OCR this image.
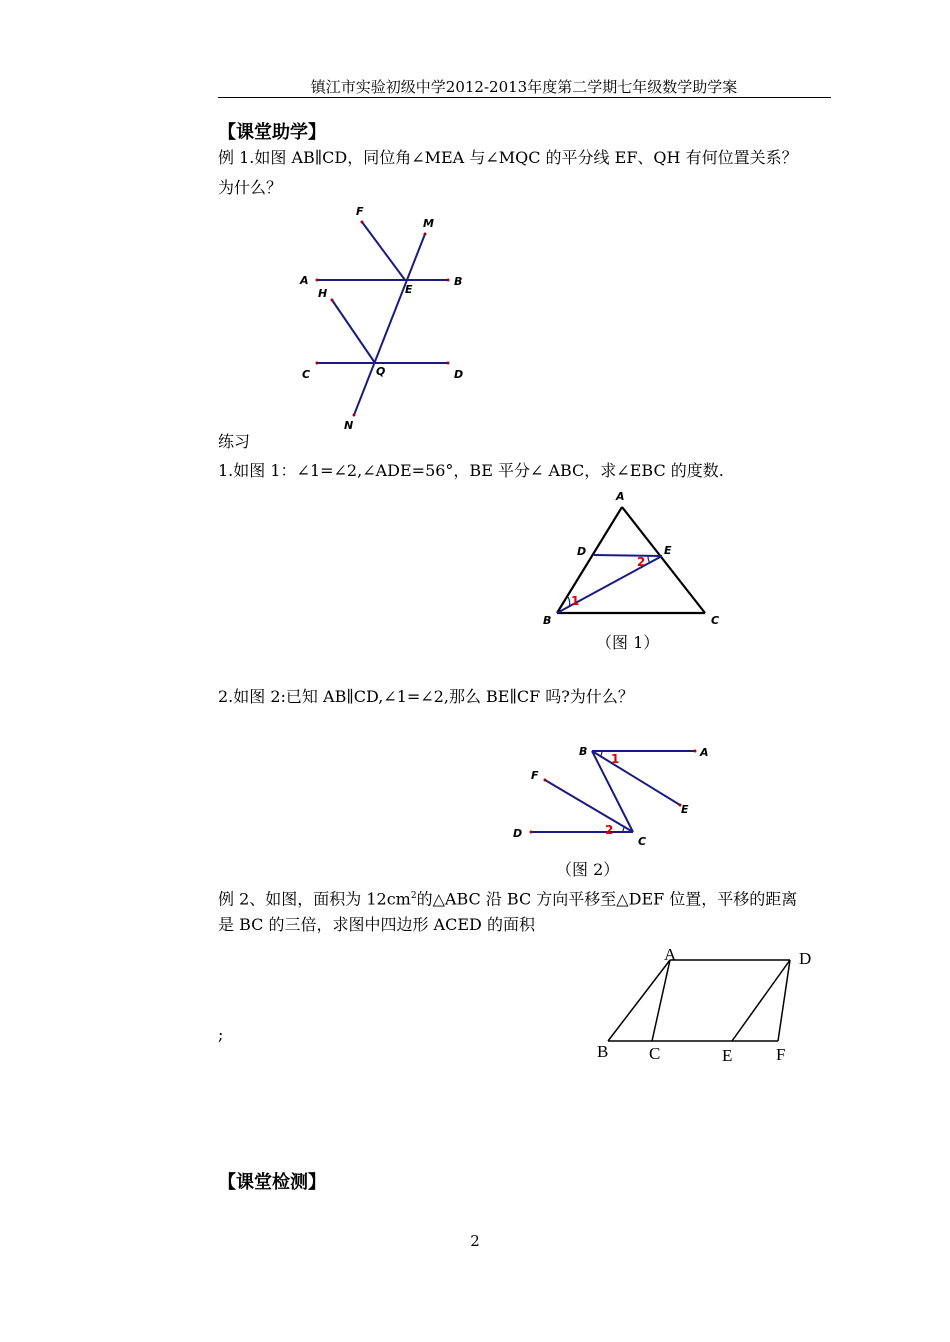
镇江市实验初级中学2012-2013年度第二学期七年级数学助学案
【课堂助学】
例 1.如图 AB∥CD，同位角∠MEA 与∠MQC 的平分线 EF、QH 有何位置关系？
为什么？
F
M
A	B
E
H
C	Q	D
N
练习
1.如图 1：∠1=∠2,∠ADE=56°，BE 平分∠ ABC，求∠EBC 的度数.
A
D	E
B	C
1
2
（图 1）
2.如图 2:已知 AB∥CD,∠1=∠2,那么 BE∥CF 吗?为什么？
B	A
F
E
D
C
1
2
（图 2）
例 2、如图，面积为 $12cm^2$的△ABC 沿 BC 方向平移至△DEF 位置，平移的距离
是 BC 的三倍，求图中四边形 ACED 的面积
;
A	D
B C	E	F
【课堂检测】
2
